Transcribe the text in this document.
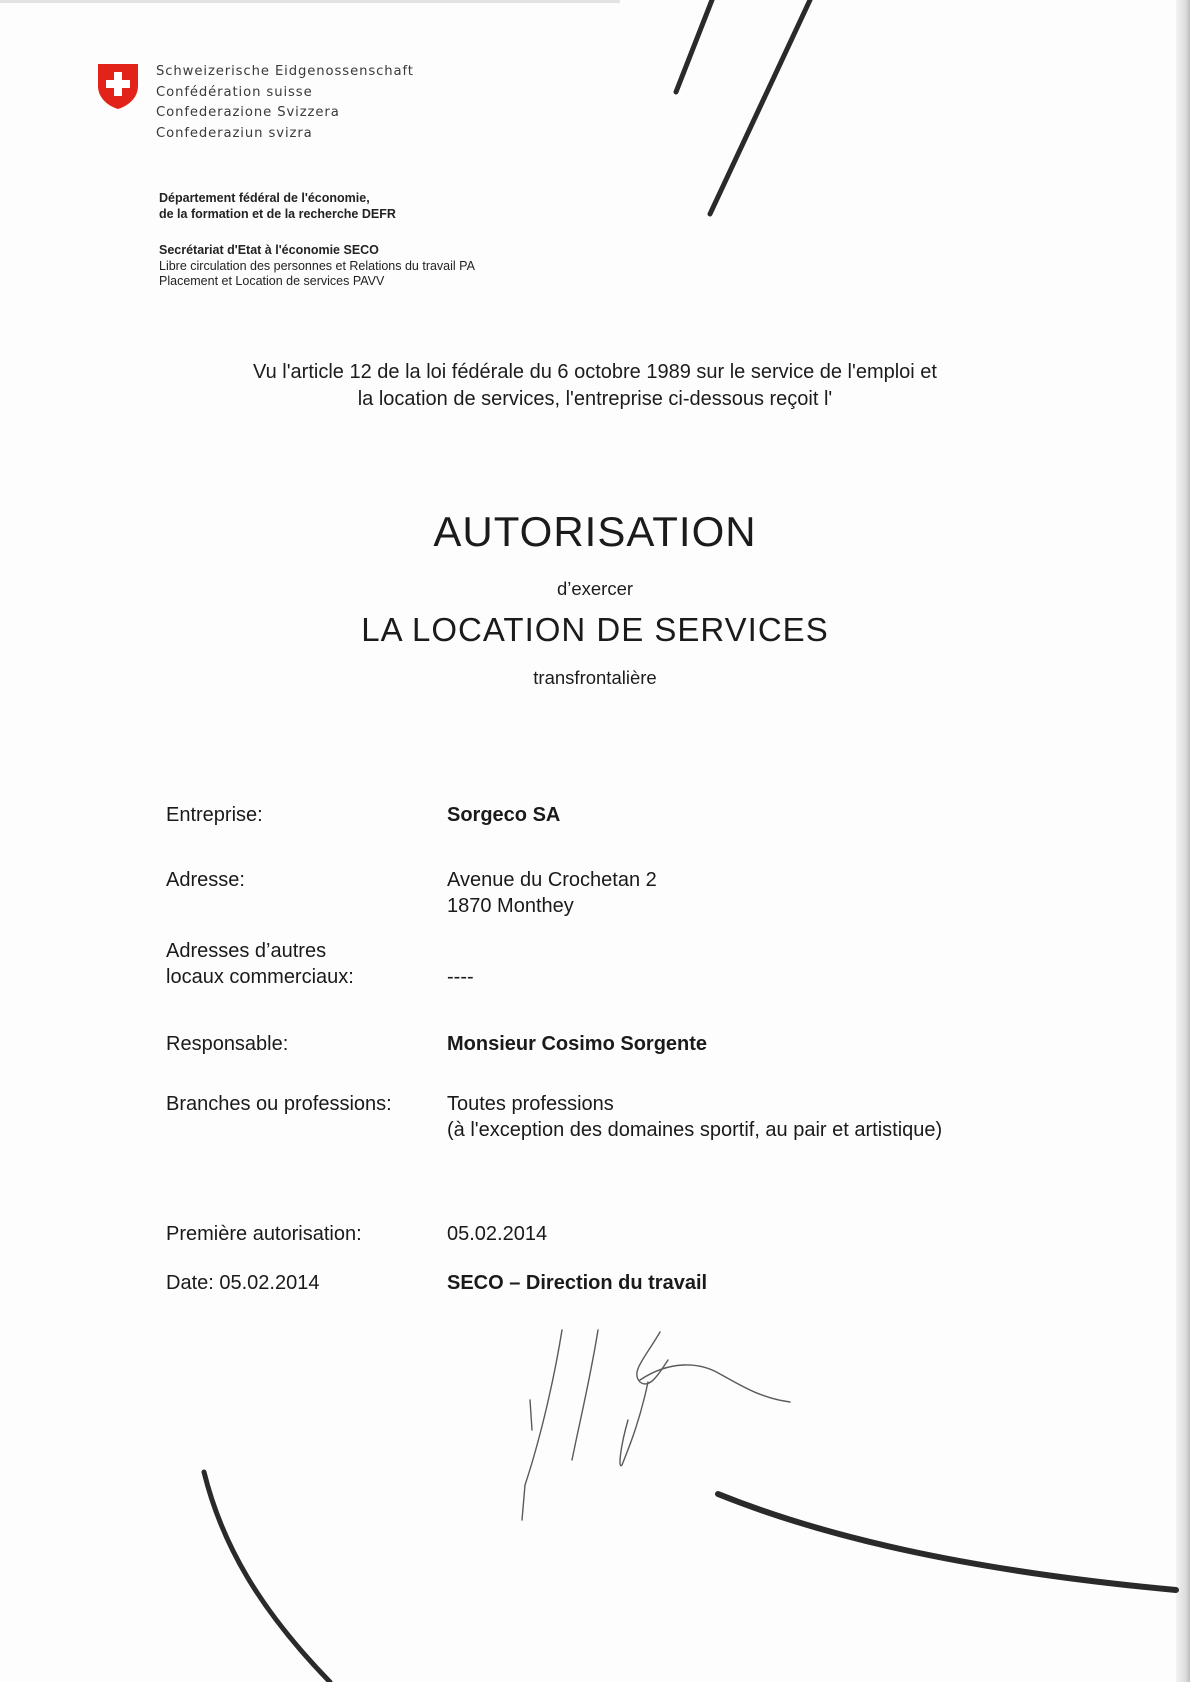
Schweizerische Eidgenossenschaft
Confédération suisse
Confederazione Svizzera
Confederaziun svizra
Département fédéral de l'économie,
de la formation et de la recherche DEFR
Secrétariat d'Etat à l'économie SECO
Libre circulation des personnes et Relations du travail PA
Placement et Location de services PAVV
Vu l'article 12 de la loi fédérale du 6 octobre 1989 sur le service de l'emploi et
la location de services, l'entreprise ci-dessous reçoit l'
AUTORISATION
d’exercer
LA LOCATION DE SERVICES
transfrontalière
Entreprise:	Sorgeco SA
Adresse:	Avenue du Crochetan 2
1870 Monthey
Adresses d’autres
locaux commerciaux:	----
Responsable:	Monsieur Cosimo Sorgente
Branches ou professions:	Toutes professions
(à l'exception des domaines sportif, au pair et artistique)
Première autorisation:	05.02.2014
Date: 05.02.2014	SECO – Direction du travail
